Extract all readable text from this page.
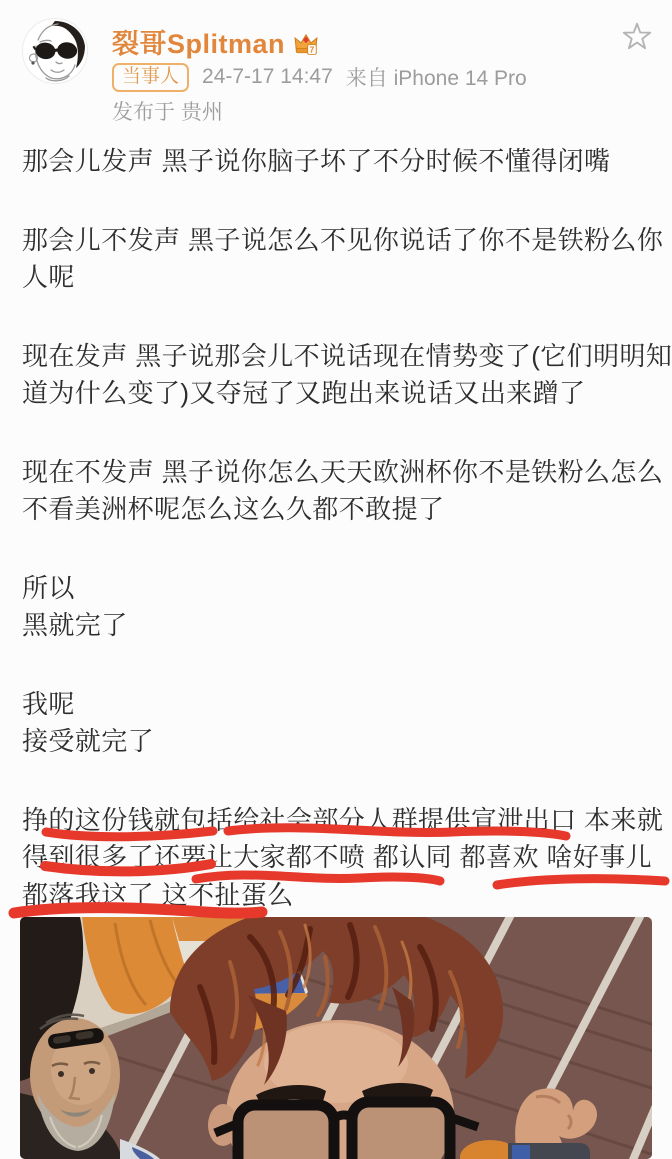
裂哥Splitman	7
当事人	24-7-17 14:47 来自 iPhone 14 Pro
发布于 贵州
那会儿发声 黑子说你脑子坏了不分时候不懂得闭嘴
那会儿不发声 黑子说怎么不见你说话了你不是铁粉么你
人呢
现在发声 黑子说那会儿不说话现在情势变了(它们明明知
道为什么变了)又夺冠了又跑出来说话又出来蹭了
现在不发声 黑子说你怎么天天欧洲杯你不是铁粉么怎么
不看美洲杯呢怎么这么久都不敢提了
所以
黑就完了
我呢
接受就完了
挣的这份钱就包括给社会部分人群提供宣泄出口 本来就
得到很多了还要让大家都不喷 都认同 都喜欢 啥好事儿
都落我这了 这不扯蛋么
